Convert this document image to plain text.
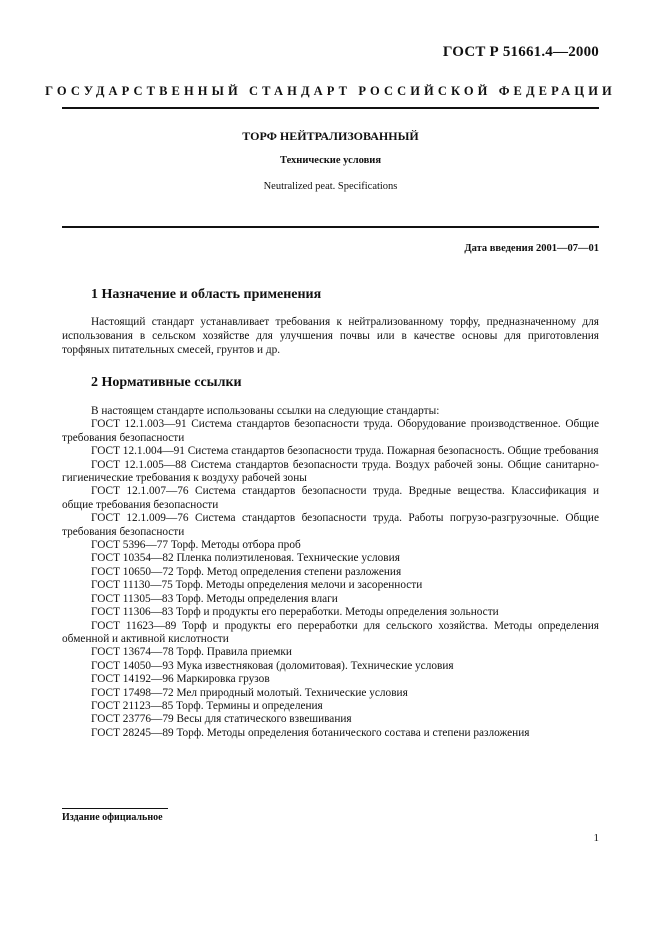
ГОСТ Р 51661.4—2000
ГОСУДАРСТВЕННЫЙ СТАНДАРТ РОССИЙСКОЙ ФЕДЕРАЦИИ
ТОРФ НЕЙТРАЛИЗОВАННЫЙ
Технические условия
Neutralized peat. Specifications
Дата введения 2001—07—01
1 Назначение и область применения
Настоящий стандарт устанавливает требования к нейтрализованному торфу, предназначенному для использования в сельском хозяйстве для улучшения почвы или в качестве основы для приготовления торфяных питательных смесей, грунтов и др.
2 Нормативные ссылки
В настоящем стандарте использованы ссылки на следующие стандарты:
ГОСТ 12.1.003—91 Система стандартов безопасности труда. Оборудование производственное. Общие требования безопасности
ГОСТ 12.1.004—91 Система стандартов безопасности труда. Пожарная безопасность. Общие требования
ГОСТ 12.1.005—88 Система стандартов безопасности труда. Воздух рабочей зоны. Общие санитарно-гигиенические требования к воздуху рабочей зоны
ГОСТ 12.1.007—76 Система стандартов безопасности труда. Вредные вещества. Классификация и общие требования безопасности
ГОСТ 12.1.009—76 Система стандартов безопасности труда. Работы погрузо-разгрузочные. Общие требования безопасности
ГОСТ 5396—77 Торф. Методы отбора проб
ГОСТ 10354—82 Пленка полиэтиленовая. Технические условия
ГОСТ 10650—72 Торф. Метод определения степени разложения
ГОСТ 11130—75 Торф. Методы определения мелочи и засоренности
ГОСТ 11305—83 Торф. Методы определения влаги
ГОСТ 11306—83 Торф и продукты его переработки. Методы определения зольности
ГОСТ 11623—89 Торф и продукты его переработки для сельского хозяйства. Методы определения обменной и активной кислотности
ГОСТ 13674—78 Торф. Правила приемки
ГОСТ 14050—93 Мука известняковая (доломитовая). Технические условия
ГОСТ 14192—96 Маркировка грузов
ГОСТ 17498—72 Мел природный молотый. Технические условия
ГОСТ 21123—85 Торф. Термины и определения
ГОСТ 23776—79 Весы для статического взвешивания
ГОСТ 28245—89 Торф. Методы определения ботанического состава и степени разложения
Издание официальное
1
